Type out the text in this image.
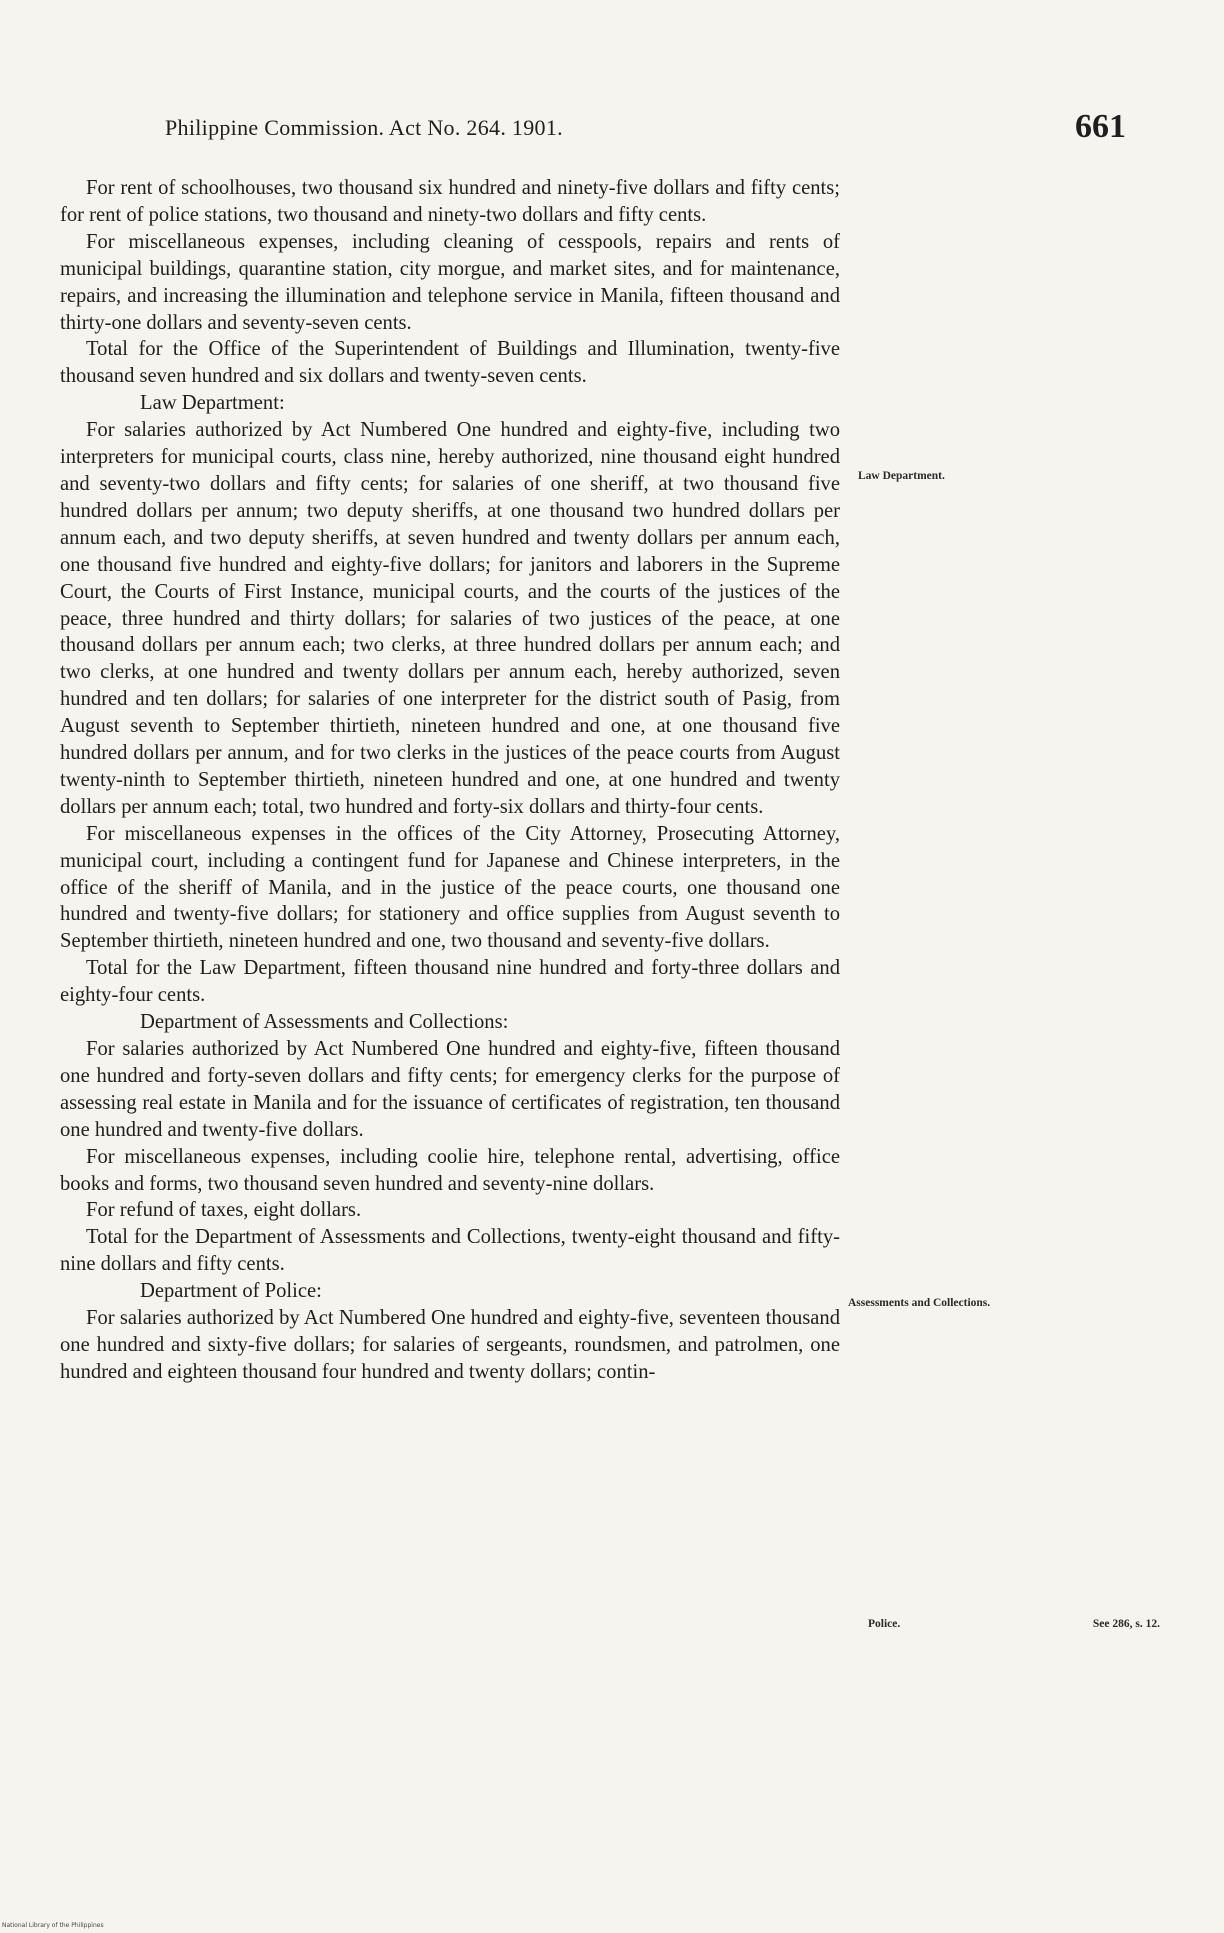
Philippine Commission. Act No. 264. 1901.	661

For rent of schoolhouses, two thousand six hundred and ninety-five dollars and fifty cents; for rent of police stations, two thousand and ninety-two dollars and fifty cents.

For miscellaneous expenses, including cleaning of cesspools, repairs and rents of municipal buildings, quarantine station, city morgue, and market sites, and for maintenance, repairs, and increasing the illumination and telephone service in Manila, fifteen thousand and thirty-one dollars and seventy-seven cents.

Total for the Office of the Superintendent of Buildings and Illumination, twenty-five thousand seven hundred and six dollars and twenty-seven cents.

Law Department:

For salaries authorized by Act Numbered One hundred and eighty-five, including two interpreters for municipal courts, class nine, hereby authorized, nine thousand eight hundred and seventy-two dollars and fifty cents; for salaries of one sheriff, at two thousand five hundred dollars per annum; two deputy sheriffs, at one thousand two hundred dollars per annum each, and two deputy sheriffs, at seven hundred and twenty dollars per annum each, one thousand five hundred and eighty-five dollars; for janitors and laborers in the Supreme Court, the Courts of First Instance, municipal courts, and the courts of the justices of the peace, three hundred and thirty dollars; for salaries of two justices of the peace, at one thousand dollars per annum each; two clerks, at three hundred dollars per annum each; and two clerks, at one hundred and twenty dollars per annum each, hereby authorized, seven hundred and ten dollars; for salaries of one interpreter for the district south of Pasig, from August seventh to September thirtieth, nineteen hundred and one, at one thousand five hundred dollars per annum, and for two clerks in the justices of the peace courts from August twenty-ninth to September thirtieth, nineteen hundred and one, at one hundred and twenty dollars per annum each; total, two hundred and forty-six dollars and thirty-four cents.

For miscellaneous expenses in the offices of the City Attorney, Prosecuting Attorney, municipal court, including a contingent fund for Japanese and Chinese interpreters, in the office of the sheriff of Manila, and in the justice of the peace courts, one thousand one hundred and twenty-five dollars; for stationery and office supplies from August seventh to September thirtieth, nineteen hundred and one, two thousand and seventy-five dollars.

Total for the Law Department, fifteen thousand nine hundred and forty-three dollars and eighty-four cents.

Department of Assessments and Collections:

For salaries authorized by Act Numbered One hundred and eighty-five, fifteen thousand one hundred and forty-seven dollars and fifty cents; for emergency clerks for the purpose of assessing real estate in Manila and for the issuance of certificates of registration, ten thousand one hundred and twenty-five dollars.

For miscellaneous expenses, including coolie hire, telephone rental, advertising, office books and forms, two thousand seven hundred and seventy-nine dollars.

For refund of taxes, eight dollars.

Total for the Department of Assessments and Collections, twenty-eight thousand and fifty-nine dollars and fifty cents.

Department of Police:

For salaries authorized by Act Numbered One hundred and eighty-five, seventeen thousand one hundred and sixty-five dollars; for salaries of sergeants, roundsmen, and patrolmen, one hundred and eighteen thousand four hundred and twenty dollars; contin-

Law Department.
Assessments and Collections.
Police.	See 286, s. 12.
National Library of the Philippines
